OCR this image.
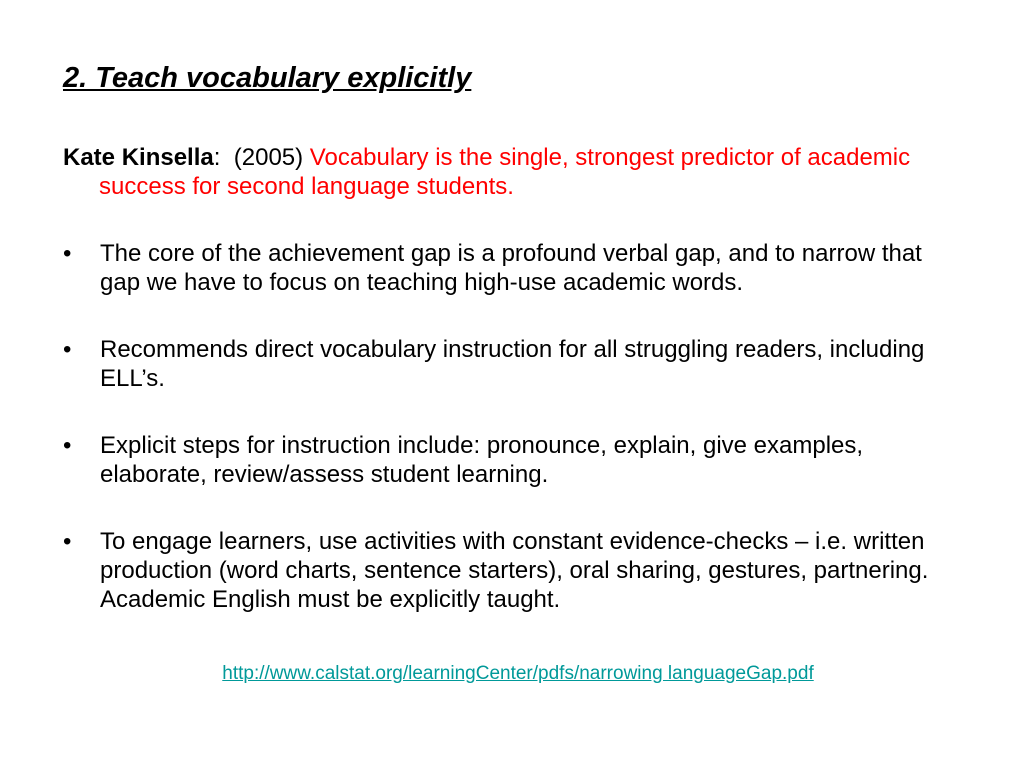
2. Teach vocabulary explicitly
Kate Kinsella: (2005) Vocabulary is the single, strongest predictor of academic success for second language students.
•	The core of the achievement gap is a profound verbal gap, and to narrow that gap we have to focus on teaching high-use academic words.
•	Recommends direct vocabulary instruction for all struggling readers, including ELL’s.
•	Explicit steps for instruction include: pronounce, explain, give examples, elaborate, review/assess student learning.
•	To engage learners, use activities with constant evidence-checks – i.e. written production (word charts, sentence starters), oral sharing, gestures, partnering. Academic English must be explicitly taught.
http://www.calstat.org/learningCenter/pdfs/narrowing languageGap.pdf
